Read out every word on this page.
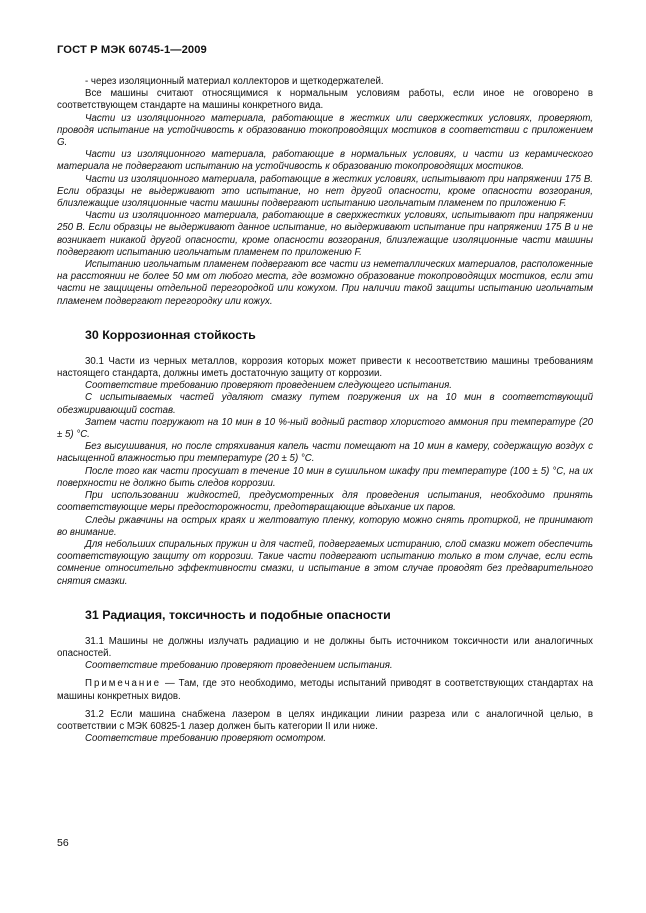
ГОСТ Р МЭК 60745-1—2009

- через изоляционный материал коллекторов и щеткодержателей.

Все машины считают относящимися к нормальным условиям работы, если иное не оговорено в соответствующем стандарте на машины конкретного вида.

Части из изоляционного материала, работающие в жестких или сверхжестких условиях, проверяют, проводя испытание на устойчивость к образованию токопроводящих мостиков в соответствии с приложением G.

Части из изоляционного материала, работающие в нормальных условиях, и части из керамического материала не подвергают испытанию на устойчивость к образованию токопроводящих мостиков.

Части из изоляционного материала, работающие в жестких условиях, испытывают при напряжении 175 В. Если образцы не выдерживают это испытание, но нет другой опасности, кроме опасности возгорания, близлежащие изоляционные части машины подвергают испытанию игольчатым пламенем по приложению F.

Части из изоляционного материала, работающие в сверхжестких условиях, испытывают при напряжении 250 В. Если образцы не выдерживают данное испытание, но выдерживают испытание при напряжении 175 В и не возникает никакой другой опасности, кроме опасности возгорания, близлежащие изоляционные части машины подвергают испытанию игольчатым пламенем по приложению F.

Испытанию игольчатым пламенем подвергают все части из неметаллических материалов, расположенные на расстоянии не более 50 мм от любого места, где возможно образование токопроводящих мостиков, если эти части не защищены отдельной перегородкой или кожухом. При наличии такой защиты испытанию игольчатым пламенем подвергают перегородку или кожух.

30 Коррозионная стойкость

30.1 Части из черных металлов, коррозия которых может привести к несоответствию машины требованиям настоящего стандарта, должны иметь достаточную защиту от коррозии.

Соответствие требованию проверяют проведением следующего испытания.

С испытываемых частей удаляют смазку путем погружения их на 10 мин в соответствующий обезжиривающий состав.

Затем части погружают на 10 мин в 10 %-ный водный раствор хлористого аммония при температуре (20 ± 5) °C.

Без высушивания, но после стряхивания капель части помещают на 10 мин в камеру, содержащую воздух с насыщенной влажностью при температуре (20 ± 5) °C.

После того как части просушат в течение 10 мин в сушильном шкафу при температуре (100 ± 5) °C, на их поверхности не должно быть следов коррозии.

При использовании жидкостей, предусмотренных для проведения испытания, необходимо принять соответствующие меры предосторожности, предотвращающие вдыхание их паров.

Следы ржавчины на острых краях и желтоватую пленку, которую можно снять протиркой, не принимают во внимание.

Для небольших спиральных пружин и для частей, подвергаемых истиранию, слой смазки может обеспечить соответствующую защиту от коррозии. Такие части подвергают испытанию только в том случае, если есть сомнение относительно эффективности смазки, и испытание в этом случае проводят без предварительного снятия смазки.

31 Радиация, токсичность и подобные опасности

31.1 Машины не должны излучать радиацию и не должны быть источником токсичности или аналогичных опасностей.

Соответствие требованию проверяют проведением испытания.

Примечание — Там, где это необходимо, методы испытаний приводят в соответствующих стандартах на машины конкретных видов.

31.2 Если машина снабжена лазером в целях индикации линии разреза или с аналогичной целью, в соответствии с МЭК 60825-1 лазер должен быть категории II или ниже.

Соответствие требованию проверяют осмотром.

56
